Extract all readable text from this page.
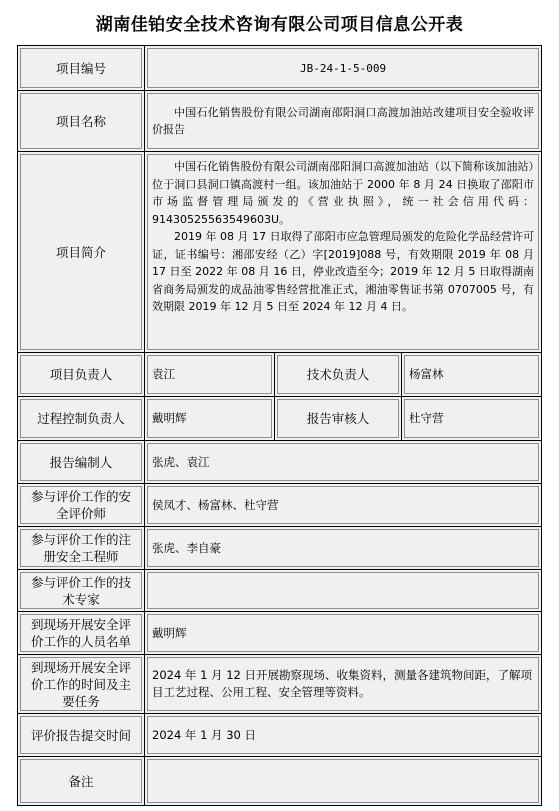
湖南佳铂安全技术咨询有限公司项目信息公开表
项目编号	JB-24-1-5-009		

项目名称	中国石化销售股份有限公司湖南邵阳洞口高渡加油站改建项目安全验收评价报告		

项目简介	中国石化销售股份有限公司湖南邵阳洞口高渡加油站（以下简称该加油站）位于洞口县洞口镇高渡村一组。该加油站于 2000 年 8 月 24 日换取了邵阳市市场监督管理局颁发的《营业执照》，统一社会信用代码：91430525563549603U。

2019 年 08 月 17 日取得了邵阳市应急管理局颁发的危险化学品经营许可证，证书编号：湘邵安经（乙）字[2019]088 号，有效期限 2019 年 08 月 17 日至 2022 年 08 月 16 日，停业改造至今；2019 年 12 月 5 日取得湖南省商务局颁发的成品油零售经营批准正式，湘油零售证书第 0707005 号，有效期限 2019 年 12 月 5 日至 2024 年 12 月 4 日。		

项目负责人	袁江	技术负责人	杨富林

过程控制负责人	戴明辉	报告审核人	杜守营

报告编制人	张虎、袁江		

参与评价工作的安全评价师	侯凤才、杨富林、杜守营		

参与评价工作的注册安全工程师	张虎、李自豪		

参与评价工作的技术专家			

到现场开展安全评价工作的人员名单	戴明辉		

到现场开展安全评价工作的时间及主要任务	2024 年 1 月 12 日开展勘察现场、收集资料，测量各建筑物间距，了解项目工艺过程、公用工程、安全管理等资料。		

评价报告提交时间	2024 年 1 月 30 日		

备注			
